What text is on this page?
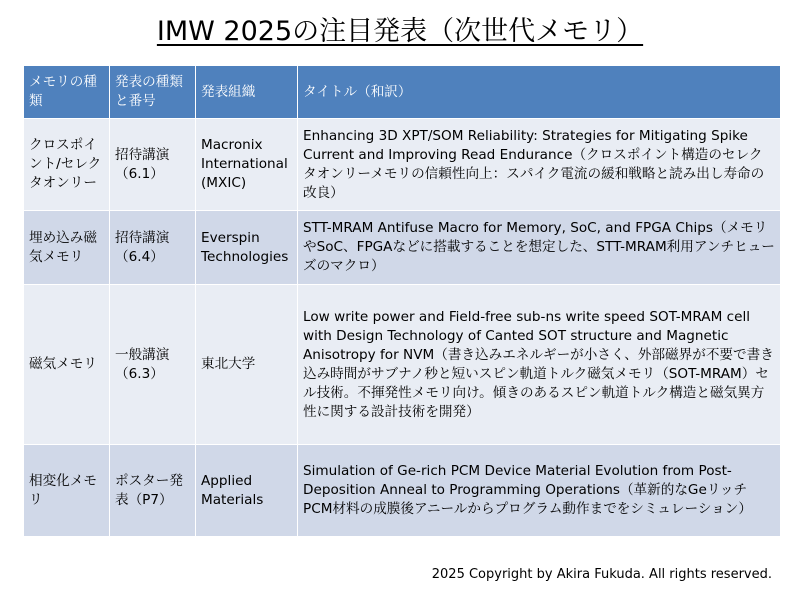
IMW 2025の注目発表（次世代メモリ）
メモリの種類	発表の種類と番号	発表組織	タイトル（和訳）
クロスポイント/セレクタオンリー	招待講演（6.1）	Macronix International (MXIC)	Enhancing 3D XPT/SOM Reliability: Strategies for Mitigating Spike Current and Improving Read Endurance（クロスポイント構造のセレクタオンリーメモリの信頼性向上：スパイク電流の緩和戦略と読み出し寿命の改良）
埋め込み磁気メモリ	招待講演（6.4）	Everspin Technologies	STT-MRAM Antifuse Macro for Memory, SoC, and FPGA Chips（メモリやSoC、FPGAなどに搭載することを想定した、STT-MRAM利用アンチヒューズのマクロ）
磁気メモリ	一般講演（6.3）	東北大学	Low write power and Field-free sub-ns write speed SOT-MRAM cell with Design Technology of Canted SOT structure and Magnetic Anisotropy for NVM（書き込みエネルギーが小さく、外部磁界が不要で書き込み時間がサブナノ秒と短いスピン軌道トルク磁気メモリ（SOT-MRAM）セル技術。不揮発性メモリ向け。傾きのあるスピン軌道トルク構造と磁気異方性に関する設計技術を開発）
相変化メモリ	ポスター発表（P7）	Applied Materials	Simulation of Ge-rich PCM Device Material Evolution from Post-Deposition Anneal to Programming Operations（革新的なGeリッチPCM材料の成膜後アニールからプログラム動作までをシミュレーション）
2025 Copyright by Akira Fukuda. All rights reserved.
